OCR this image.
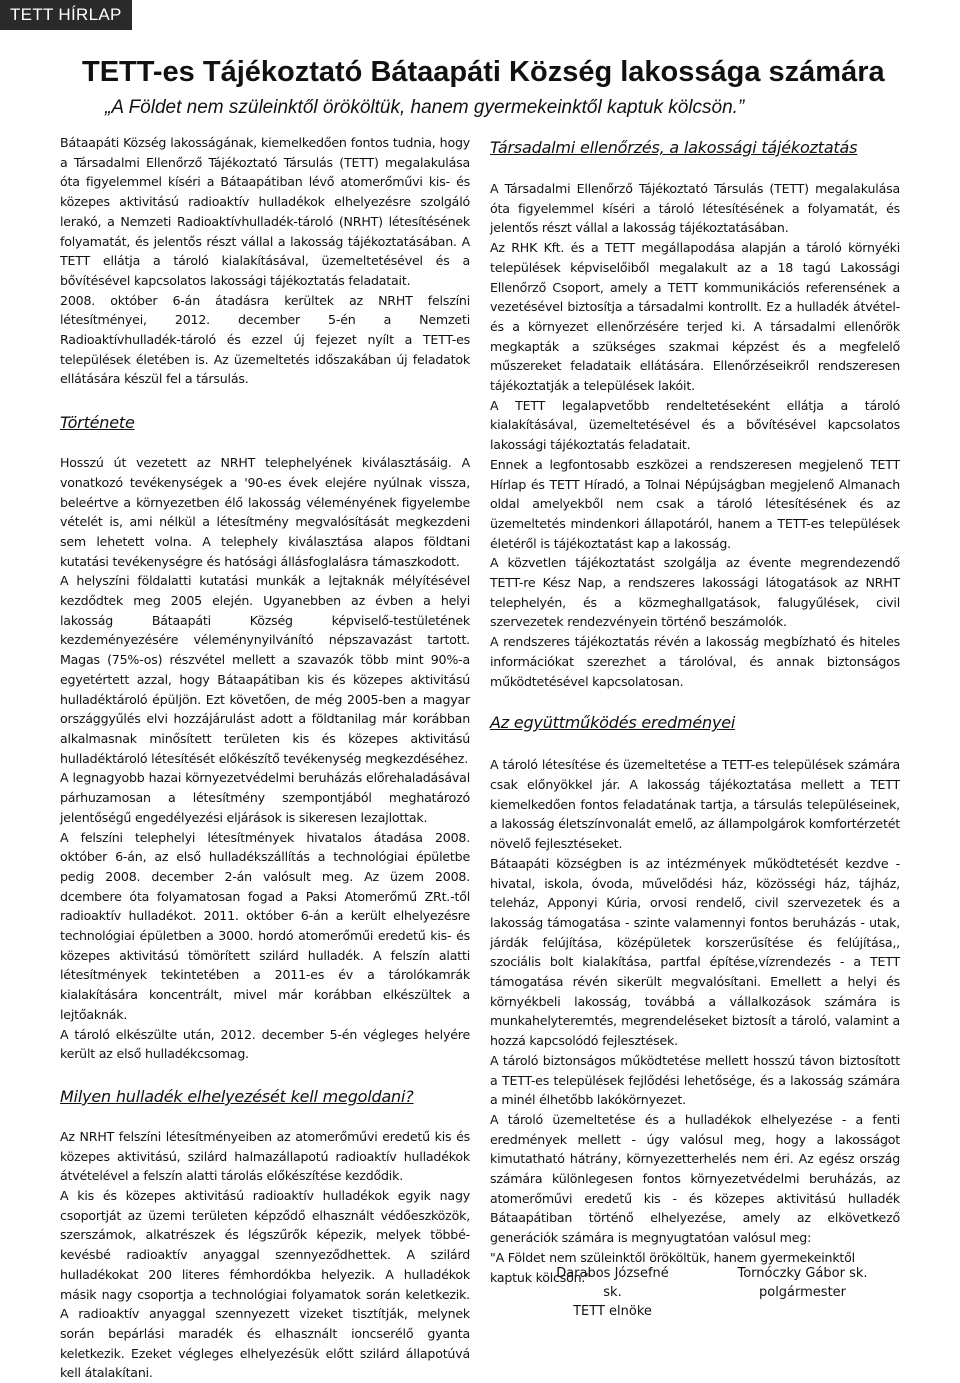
TETT HÍRLAP
TETT-es Tájékoztató Bátaapáti Község lakossága számára
„A Földet nem szüleinktől örököltük, hanem gyermekeinktől kaptuk kölcsön.”

Bátaapáti Község lakosságának, kiemelkedően fontos tudnia, hogy a Társadalmi Ellenőrző Tájékoztató Társulás (TETT) megalakulása óta figyelemmel kíséri a Bátaapátiban lévő atomerőművi kis- és közepes aktivitású radioaktív hulladékok elhelyezésre szolgáló lerakó, a Nemzeti Radioaktívhulladék-tároló (NRHT) létesítésének folyamatát, és jelentős részt vállal a lakosság tájékoztatásában. A TETT ellátja a tároló kialakításával, üzemeltetésével és a bővítésével kapcsolatos lakossági tájékoztatás feladatait.

2008. október 6-án átadásra kerültek az NRHT felszíni létesítményei, 2012. december 5-én a Nemzeti Radioaktívhulladék-tároló és ezzel új fejezet nyílt a TETT-es települések életében is. Az üzemeltetés időszakában új feladatok ellátására készül fel a társulás.

Története

Hosszú út vezetett az NRHT telephelyének kiválasztásáig. A vonatkozó tevékenységek a '90-es évek elejére nyúlnak vissza, beleértve a környezetben élő lakosság véleményének figyelembe vételét is, ami nélkül a létesítmény megvalósítását megkezdeni sem lehetett volna. A telephely kiválasztása alapos földtani kutatási tevékenységre és hatósági állásfoglalásra támaszkodott.

A helyszíni földalatti kutatási munkák a lejtaknák mélyítésével kezdődtek meg 2005 elején. Ugyanebben az évben a helyi lakosság Bátaapáti Község képviselő-testületének kezdeményezésére véleménynyilvánító népszavazást tartott. Magas (75%-os) részvétel mellett a szavazók több mint 90%-a egyetértett azzal, hogy Bátaapátiban kis és közepes aktivitású hulladéktároló épüljön. Ezt követően, de még 2005-ben a magyar országgyűlés elvi hozzájárulást adott a földtanilag már korábban alkalmasnak minősített területen kis és közepes aktivitású hulladéktároló létesítését előkészítő tevékenység megkezdéséhez.

A legnagyobb hazai környezetvédelmi beruházás előrehaladásával párhuzamosan a létesítmény szempontjából meghatározó jelentőségű engedélyezési eljárások is sikeresen lezajlottak.

A felszíni telephelyi létesítmények hivatalos átadása 2008. október 6-án, az első hulladékszállítás a technológiai épületbe pedig 2008. december 2-án valósult meg. Az üzem 2008. dcembere óta folyamatosan fogad a Paksi Atomerőmű ZRt.-től radioaktív hulladékot. 2011. október 6-án a került elhelyezésre technológiai épületben a 3000. hordó atomerőműi eredetű kis- és közepes aktivitású tömörített szilárd hulladék. A felszín alatti létesítmények tekintetében a 2011-es év a tárolókamrák kialakítására koncentrált, mivel már korábban elkészültek a lejtőaknák.

A tároló elkészülte után, 2012. december 5-én végleges helyére került az első hulladékcsomag.

Milyen hulladék elhelyezését kell megoldani?

Az NRHT felszíni létesítményeiben az atomerőművi eredetű kis és közepes aktivitású, szilárd halmazállapotú radioaktív hulladékok átvételével a felszín alatti tárolás előkészítése kezdődik.

A kis és közepes aktivitású radioaktív hulladékok egyik nagy csoportját az üzemi területen képződő elhasznált védőeszközök, szerszámok, alkatrészek és légszűrők képezik, melyek többé-kevésbé radioaktív anyaggal szennyeződhettek. A szilárd hulladékokat 200 literes fémhordókba helyezik. A hulladékok másik nagy csoportja a technológiai folyamatok során keletkezik. A radioaktív anyaggal szennyezett vizeket tisztítják, melynek során bepárlási maradék és elhasznált ioncserélő gyanta keletkezik. Ezeket végleges elhelyezésük előtt szilárd állapotúvá kell átalakítani.

Társadalmi ellenőrzés, a lakossági tájékoztatás

A Társadalmi Ellenőrző Tájékoztató Társulás (TETT) megalakulása óta figyelemmel kíséri a tároló létesítésének a folyamatát, és jelentős részt vállal a lakosság tájékoztatásában.

Az RHK Kft. és a TETT megállapodása alapján a tároló környéki települések képviselőiből megalakult az a 18 tagú Lakossági Ellenőrző Csoport, amely a TETT kommunikációs referensének a vezetésével biztosítja a társadalmi kontrollt. Ez a hulladék átvétel- és a környezet ellenőrzésére terjed ki. A társadalmi ellenőrök megkapták a szükséges szakmai képzést és a megfelelő műszereket feladataik ellátására. Ellenőrzéseikről rendszeresen tájékoztatják a települések lakóit.

A TETT legalapvetőbb rendeltetéseként ellátja a tároló kialakításával, üzemeltetésével és a bővítésével kapcsolatos lakossági tájékoztatás feladatait.

Ennek a legfontosabb eszközei a rendszeresen megjelenő TETT Hírlap és TETT Híradó, a Tolnai Népújságban megjelenő Almanach oldal amelyekből nem csak a tároló létesítésének és az üzemeltetés mindenkori állapotáról, hanem a TETT-es települések életéről is tájékoztatást kap a lakosság.

A közvetlen tájékoztatást szolgálja az évente megrendezendő TETT-re Kész Nap, a rendszeres lakossági látogatások az NRHT telephelyén, és a közmeghallgatások, falugyűlések, civil szervezetek rendezvényein történő beszámolók.

A rendszeres tájékoztatás révén a lakosság megbízható és hiteles információkat szerezhet a tárolóval, és annak biztonságos működtetésével kapcsolatosan.

Az együttműködés eredményei

A tároló létesítése és üzemeltetése a TETT-es települések számára csak előnyökkel jár. A lakosság tájékoztatása mellett a TETT kiemelkedően fontos feladatának tartja, a társulás településeinek, a lakosság életszínvonalát emelő, az állampolgárok komfortérzetét növelő fejlesztéseket.

Bátaapáti községben is az intézmények működtetését kezdve - hivatal, iskola, óvoda, művelődési ház, közösségi ház, tájház, teleház, Apponyi Kúria, orvosi rendelő, civil szervezetek és a lakosság támogatása - szinte valamennyi fontos beruházás - utak, járdák felújítása, középületek korszerűsítése és felújítása,, szociális bolt kialakítása, partfal építése,vízrendezés - a TETT támogatása révén sikerült megvalósítani. Emellett a helyi és környékbeli lakosság, továbbá a vállalkozások számára is munkahelyteremtés, megrendeléseket biztosít a tároló, valamint a hozzá kapcsolódó fejlesztések.

A tároló biztonságos működtetése mellett hosszú távon biztosított a TETT-es települések fejlődési lehetősége, és a lakosság számára a minél élhetőbb lakókörnyezet.

A tároló üzemeltetése és a hulladékok elhelyezése - a fenti eredmények mellett - úgy valósul meg, hogy a lakosságot kimutatható hátrány, környezetterhelés nem éri. Az egész ország számára különlegesen fontos környezetvédelmi beruházás, az atomerőművi eredetű kis - és közepes aktivitású hulladék Bátaapátiban történő elhelyezése, amely az elkövetkező generációk számára is megnyugtatóan valósul meg:

"A Földet nem szüleinktől örököltük, hanem gyermekeinktől kaptuk kölcsön."

Darabos Józsefné sk.
TETT elnöke
Tornóczky Gábor sk.
polgármester
